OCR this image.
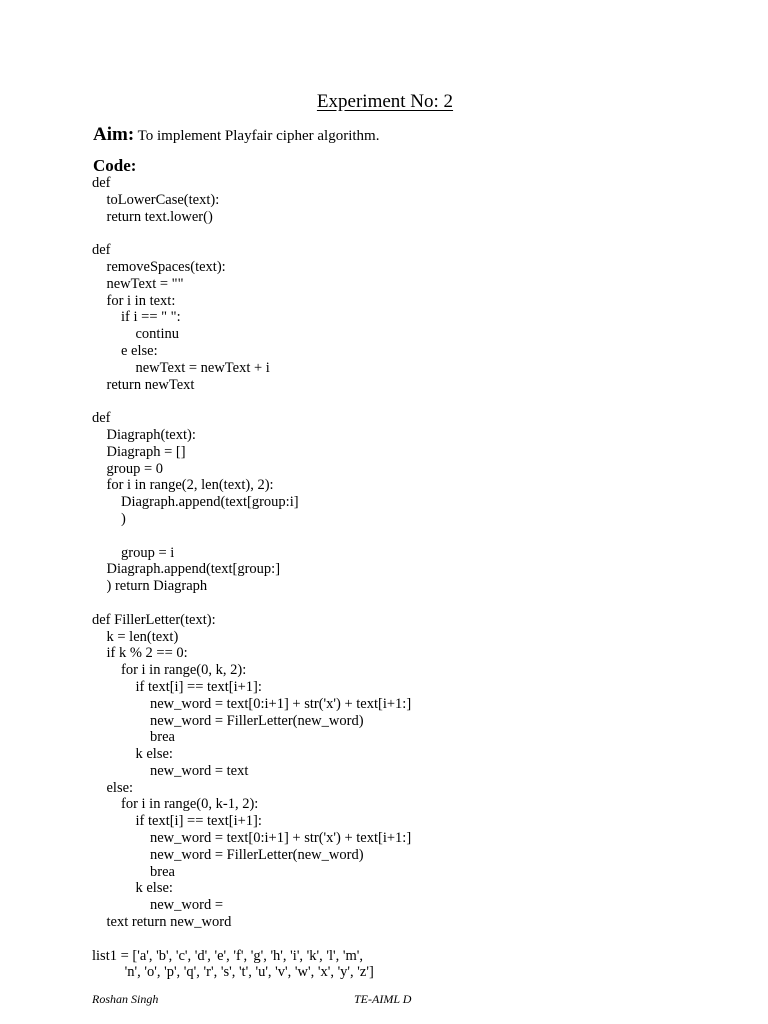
Experiment No: 2
Aim: To implement Playfair cipher algorithm.
Code:
def
toLowerCase(text):
return text.lower()
def
removeSpaces(text):
newText = ""
for i in text:
if i == " ":
continu
e else:
newText = newText + i
return newText
def
Diagraph(text):
Diagraph = []
group = 0
for i in range(2, len(text), 2):
Diagraph.append(text[group:i]
)
group = i
Diagraph.append(text[group:]
) return Diagraph
def FillerLetter(text):
k = len(text)
if k % 2 == 0:
for i in range(0, k, 2):
if text[i] == text[i+1]:
new_word = text[0:i+1] + str('x') + text[i+1:]
new_word = FillerLetter(new_word)
brea
k else:
new_word = text
else:
for i in range(0, k-1, 2):
if text[i] == text[i+1]:
new_word = text[0:i+1] + str('x') + text[i+1:]
new_word = FillerLetter(new_word)
brea
k else:
new_word =
text return new_word
list1 = ['a', 'b', 'c', 'd', 'e', 'f', 'g', 'h', 'i', 'k', 'l', 'm',
'n', 'o', 'p', 'q', 'r', 's', 't', 'u', 'v', 'w', 'x', 'y', 'z']
Roshan Singh	TE-AIML D
